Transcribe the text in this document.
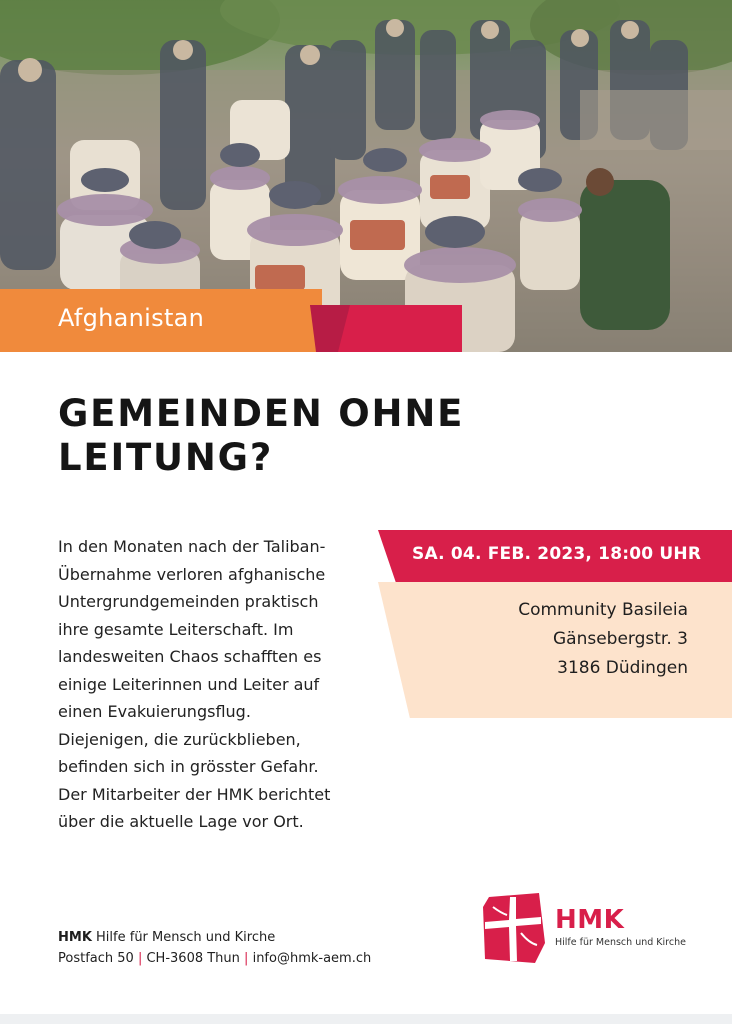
Afghanistan
GEMEINDEN OHNE
LEITUNG?
In den Monaten nach der Taliban-
Übernahme verloren afghanische
Untergrundgemeinden praktisch
ihre gesamte Leiterschaft. Im
landesweiten Chaos schafften es
einige Leiterinnen und Leiter auf
einen Evakuierungsflug.
Diejenigen, die zurückblieben,
befinden sich in grösster Gefahr.
Der Mitarbeiter der HMK berichtet
über die aktuelle Lage vor Ort.
SA. 04. FEB. 2023, 18:00 UHR
Community Basileia
Gänsebergstr. 3
3186 Düdingen
HMK Hilfe für Mensch und Kirche
Postfach 50 | CH-3608 Thun | info@hmk-aem.ch
HMK
Hilfe für Mensch und Kirche
